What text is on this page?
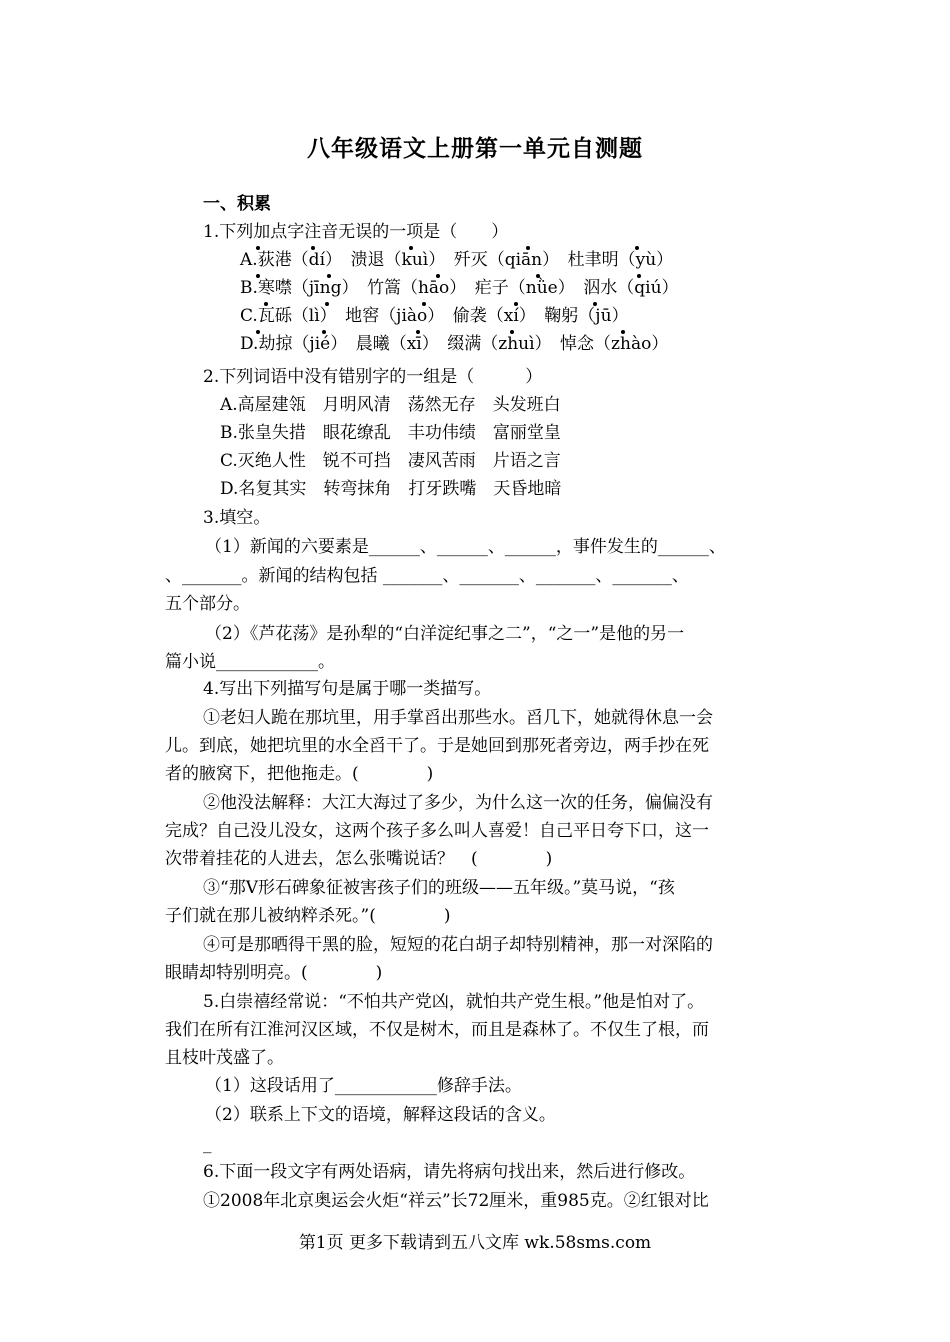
八年级语文上册第一单元自测题
一、积累
1.下列加点字注音无误的一项是（　　）
A.荻港（dí）　溃退（kuì）　歼灭（qiān）　杜聿明（yù）
B.寒噤（jīng）　竹篙（hāo）　疟子（nǜe）　泅水（qiú）
C.瓦砾（lì）　地窖（jiào）　偷袭（xí）　鞠躬（jū）
D.劫掠（jié）　晨曦（xī）　缀满（zhuì）　悼念（zhào）
2.下列词语中没有错别字的一组是（　　　）
A.高屋建瓴　月明风清　荡然无存　头发班白
B.张皇失措　眼花缭乱　丰功伟绩　富丽堂皇
C.灭绝人性　锐不可挡　凄风苦雨　片语之言
D.名复其实　转弯抹角　打牙跌嘴　天昏地暗
3.填空。
（1）新闻的六要素是______、______、______，事件发生的______、
、_______。新闻的结构包括 _______、_______、_______、_______、
五个部分。
（2）《芦花荡》是孙犁的“白洋淀纪事之二”，“之一”是他的另一
篇小说____________。
4.写出下列描写句是属于哪一类描写。
①老妇人跪在那坑里，用手掌舀出那些水。舀几下，她就得休息一会
儿。到底，她把坑里的水全舀干了。于是她回到那死者旁边，两手抄在死
者的腋窝下，把他拖走。(　　　　)
②他没法解释：大江大海过了多少，为什么这一次的任务，偏偏没有
完成？自己没儿没女，这两个孩子多么叫人喜爱！自己平日夸下口，这一
次带着挂花的人进去，怎么张嘴说话？　(　　　　)
③“那V形石碑象征被害孩子们的班级——五年级。”莫马说，“孩
子们就在那儿被纳粹杀死。”(　　　　)
④可是那晒得干黑的脸，短短的花白胡子却特别精神，那一对深陷的
眼睛却特别明亮。(　　　　)
5.白崇禧经常说：“不怕共产党凶，就怕共产党生根。”他是怕对了。
我们在所有江淮河汉区域，不仅是树木，而且是森林了。不仅生了根，而
且枝叶茂盛了。
（1）这段话用了____________修辞手法。
（2）联系上下文的语境，解释这段话的含义。
_
6.下面一段文字有两处语病，请先将病句找出来，然后进行修改。
①2008年北京奥运会火炬“祥云”长72厘米，重985克。②红银对比
第1页 更多下载请到五八文库 wk.58sms.com
